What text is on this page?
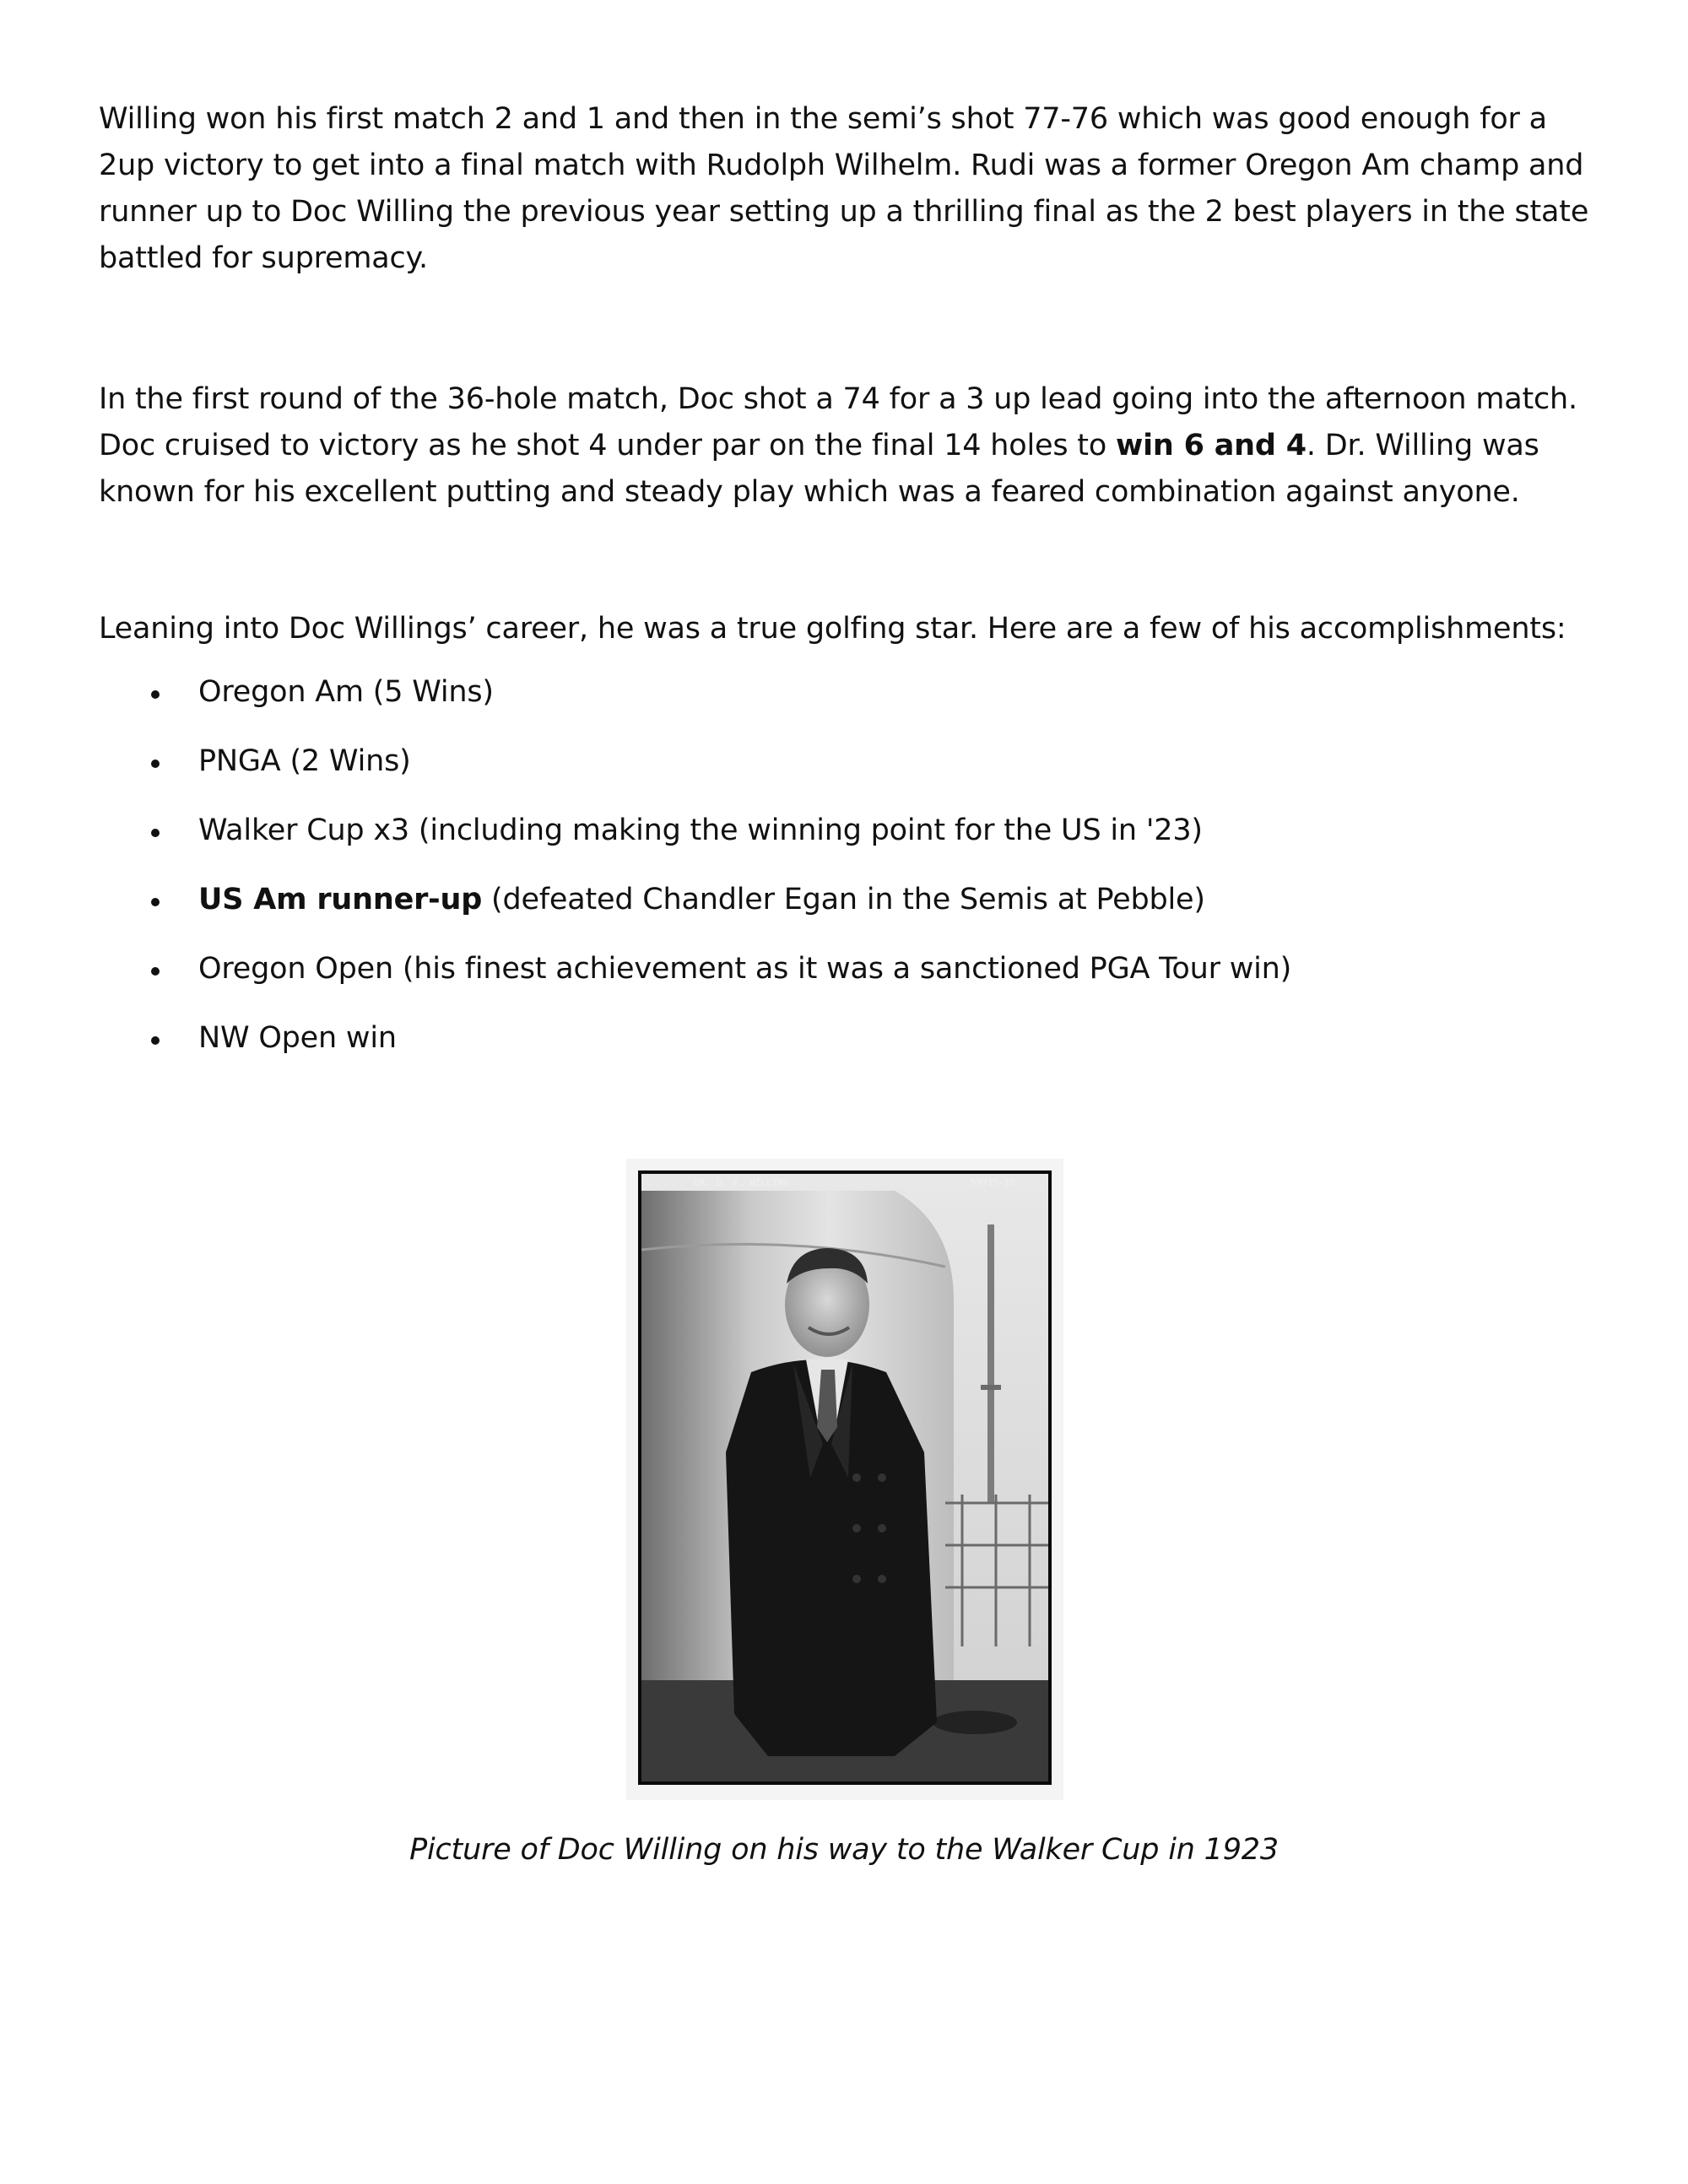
Willing won his first match 2 and 1 and then in the semi’s shot 77-76 which was good enough for a 2up victory to get into a final match with Rudolph Wilhelm. Rudi was a former Oregon Am champ and runner up to Doc Willing the previous year setting up a thrilling final as the 2 best players in the state battled for supremacy.

In the first round of the 36-hole match, Doc shot a 74 for a 3 up lead going into the afternoon match. Doc cruised to victory as he shot 4 under par on the final 14 holes to win 6 and 4. Dr. Willing was known for his excellent putting and steady play which was a feared combination against anyone.

Leaning into Doc Willings’ career, he was a true golfing star. Here are a few of his accomplishments:

Oregon Am (5 Wins)
PNGA (2 Wins)
Walker Cup x3 (including making the winning point for the US in '23)
US Am runner-up (defeated Chandler Egan in the Semis at Pebble)
Oregon Open (his finest achievement as it was a sanctioned PGA Tour win)
NW Open win
DR. O. F. WILLING	59715-10
Picture of Doc Willing on his way to the Walker Cup in 1923
